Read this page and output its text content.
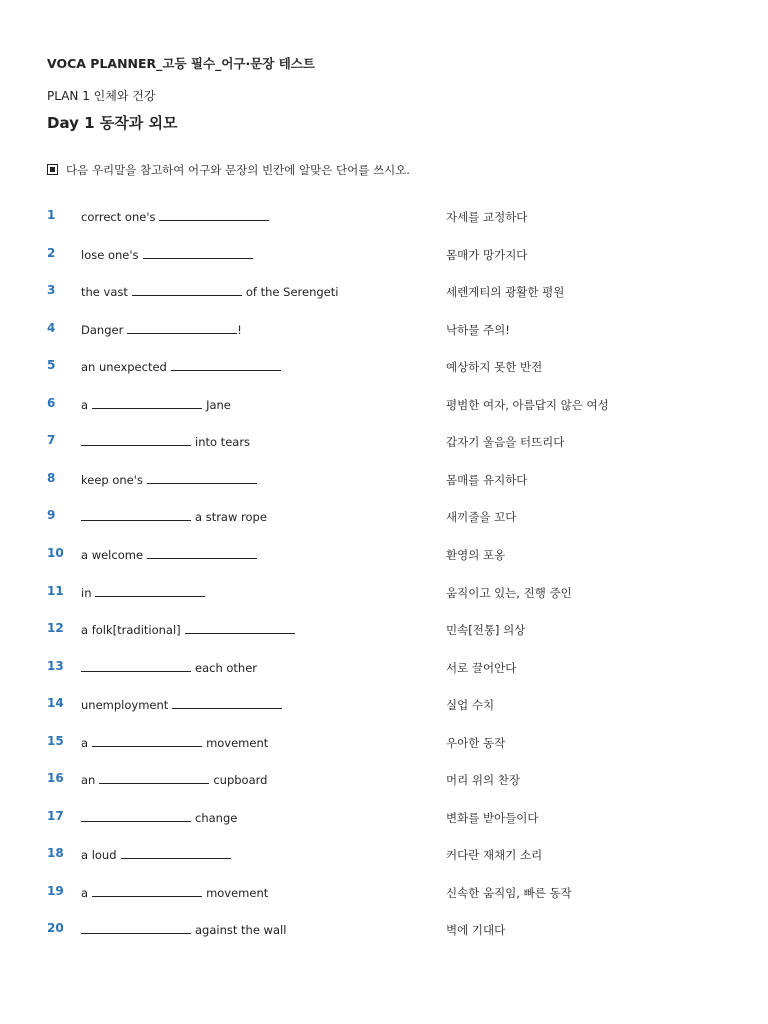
VOCA PLANNER_고등 필수_어구·문장 테스트
PLAN 1 인체와 건강
Day 1 동작과 외모
다음 우리말을 참고하여 어구와 문장의 빈칸에 알맞은 단어를 쓰시오.
1 correct one's	자세를 교정하다
2 lose one's	몸매가 망가지다
3 the vast	of the Serengeti	세렌게티의 광활한 평원
4 Danger	!	낙하물 주의!
5 an unexpected	예상하지 못한 반전
6 a	Jane	평범한 여자, 아름답지 않은 여성
7	into tears	갑자기 울음을 터뜨리다
8 keep one's	몸매를 유지하다
9	a straw rope	새끼줄을 꼬다
10 a welcome	환영의 포옹
11 in	움직이고 있는, 진행 중인
12 a folk[traditional]	민속[전통] 의상
13	each other	서로 끌어안다
14 unemployment	실업 수치
15 a	movement	우아한 동작
16 an	cupboard	머리 위의 찬장
17	change	변화를 받아들이다
18 a loud	커다란 재채기 소리
19 a	movement	신속한 움직임, 빠른 동작
20	against the wall	벽에 기대다
